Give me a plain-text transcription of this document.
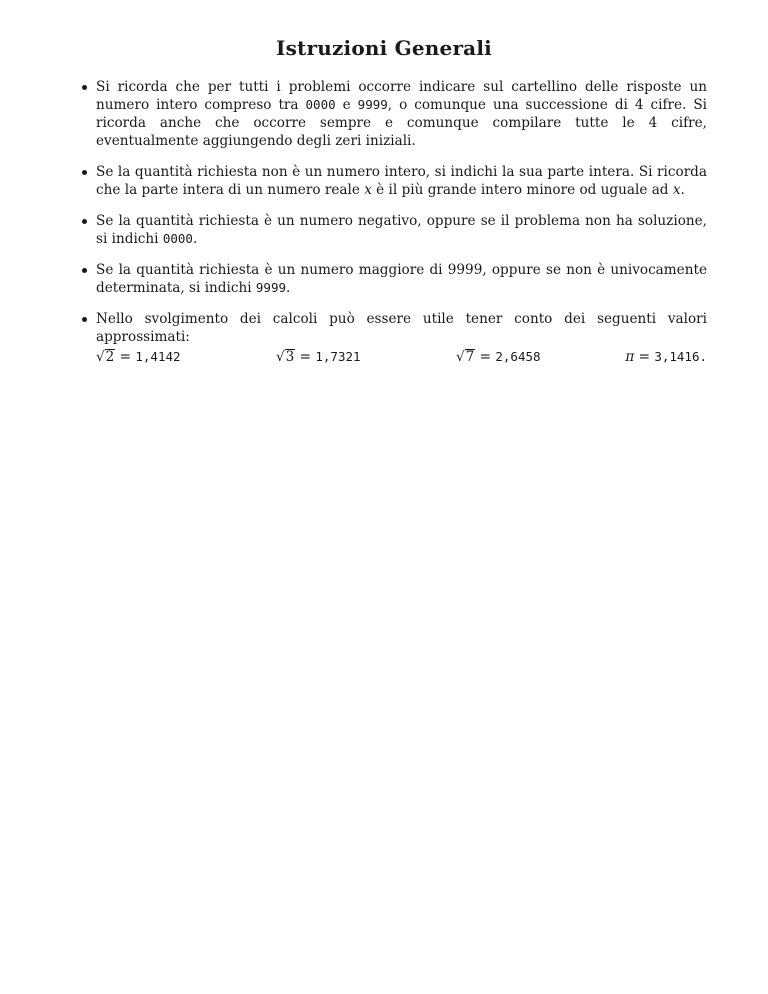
Istruzioni Generali
Si ricorda che per tutti i problemi occorre indicare sul cartellino delle risposte un numero intero compreso tra 0000 e 9999, o comunque una successione di 4 cifre. Si ricorda anche che occorre sempre e comunque compilare tutte le 4 cifre, eventualmente aggiungendo degli zeri iniziali.
Se la quantità richiesta non è un numero intero, si indichi la sua parte intera. Si ricorda che la parte intera di un numero reale x è il più grande intero minore od uguale ad x.
Se la quantità richiesta è un numero negativo, oppure se il problema non ha soluzione, si indichi 0000.
Se la quantità richiesta è un numero maggiore di 9999, oppure se non è univocamente determinata, si indichi 9999.
Nello svolgimento dei calcoli può essere utile tener conto dei seguenti valori approssimati:
√2 = 1,4142	√3 = 1,7321	√7 = 2,6458	π = 3,1416.
